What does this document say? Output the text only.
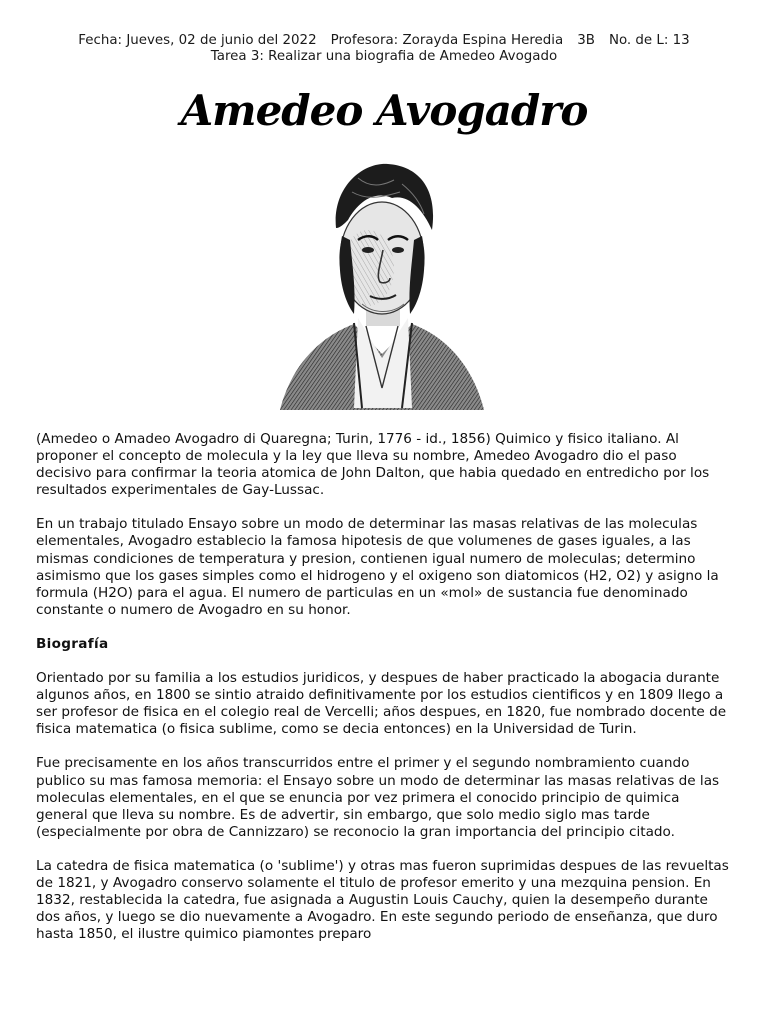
Fecha: Jueves, 02 de junio del 2022 Profesora: Zorayda Espina Heredia 3B No. de L: 13
Tarea 3: Realizar una biografia de Amedeo Avogado
Amedeo Avogadro

(Amedeo o Amadeo Avogadro di Quaregna; Turin, 1776 - id., 1856) Quimico y fisico italiano. Al proponer el concepto de molecula y la ley que lleva su nombre, Amedeo Avogadro dio el paso decisivo para confirmar la teoria atomica de John Dalton, que habia quedado en entredicho por los resultados experimentales de Gay-Lussac.

En un trabajo titulado Ensayo sobre un modo de determinar las masas relativas de las moleculas elementales, Avogadro establecio la famosa hipotesis de que volumenes de gases iguales, a las mismas condiciones de temperatura y presion, contienen igual numero de moleculas; determino asimismo que los gases simples como el hidrogeno y el oxigeno son diatomicos (H2, O2) y asigno la formula (H2O) para el agua. El numero de particulas en un «mol» de sustancia fue denominado constante o numero de Avogadro en su honor.

Biografía

Orientado por su familia a los estudios juridicos, y despues de haber practicado la abogacia durante algunos años, en 1800 se sintio atraido definitivamente por los estudios cientificos y en 1809 llego a ser profesor de fisica en el colegio real de Vercelli; años despues, en 1820, fue nombrado docente de fisica matematica (o fisica sublime, como se decia entonces) en la Universidad de Turin.

Fue precisamente en los años transcurridos entre el primer y el segundo nombramiento cuando publico su mas famosa memoria: el Ensayo sobre un modo de determinar las masas relativas de las moleculas elementales, en el que se enuncia por vez primera el conocido principio de quimica general que lleva su nombre. Es de advertir, sin embargo, que solo medio siglo mas tarde (especialmente por obra de Cannizzaro) se reconocio la gran importancia del principio citado.

La catedra de fisica matematica (o 'sublime') y otras mas fueron suprimidas despues de las revueltas de 1821, y Avogadro conservo solamente el titulo de profesor emerito y una mezquina pension. En 1832, restablecida la catedra, fue asignada a Augustin Louis Cauchy, quien la desempeño durante dos años, y luego se dio nuevamente a Avogadro. En este segundo periodo de enseñanza, que duro hasta 1850, el ilustre quimico piamontes preparo
